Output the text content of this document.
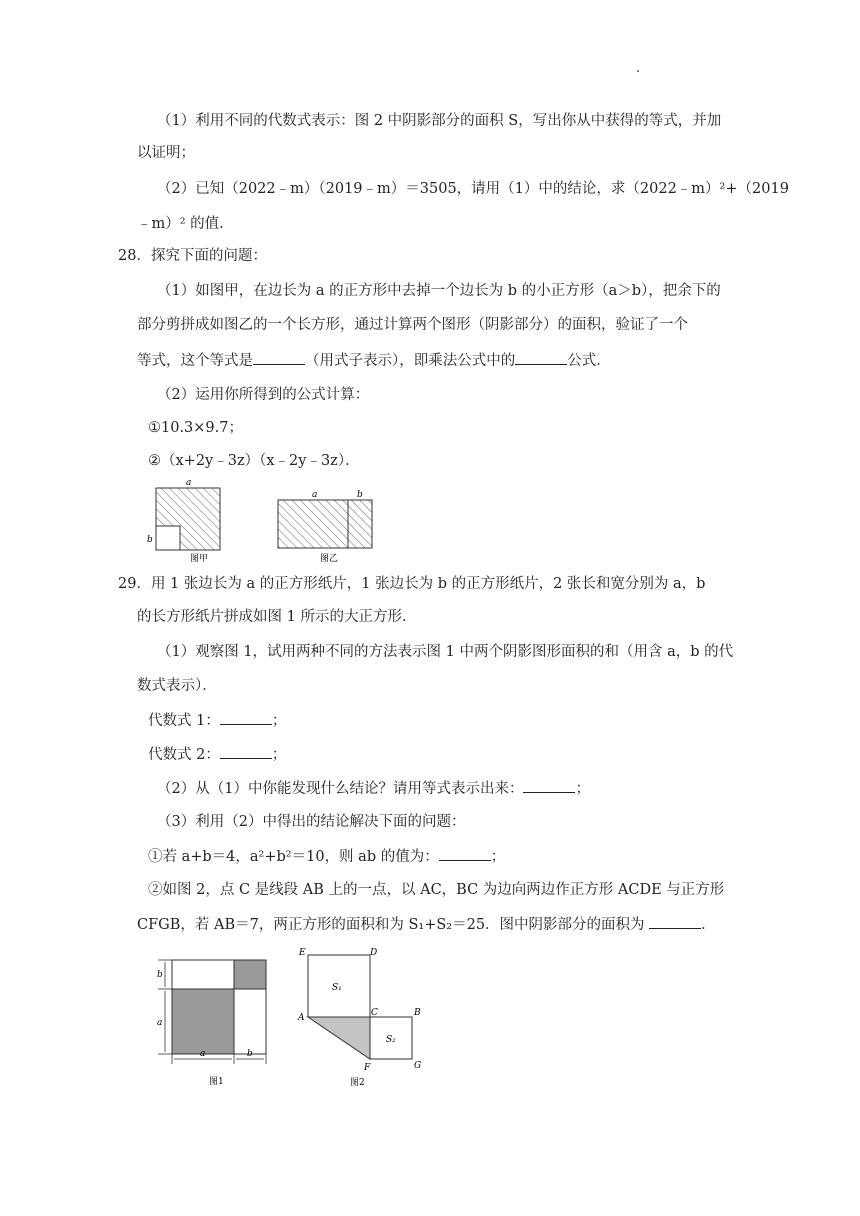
（1）利用不同的代数式表示：图 2 中阴影部分的面积 S，写出你从中获得的等式，并加
以证明；
（2）已知（2022﹣m）（2019﹣m）＝3505，请用（1）中的结论，求（2022﹣m）²+（2019
﹣m）² 的值．
28．探究下面的问题：
（1）如图甲，在边长为 a 的正方形中去掉一个边长为 b 的小正方形（a＞b），把余下的
部分剪拼成如图乙的一个长方形，通过计算两个图形（阴影部分）的面积，验证了一个
等式，这个等式是	（用式子表示），即乘法公式中的	公式．
（2）运用你所得到的公式计算：
①10.3×9.7；
②（x+2y﹣3z）（x﹣2y﹣3z）．
a
b
图甲
a	b
图乙
29．用 1 张边长为 a 的正方形纸片，1 张边长为 b 的正方形纸片，2 张长和宽分别为 a，b
的长方形纸片拼成如图 1 所示的大正方形．
（1）观察图 1，试用两种不同的方法表示图 1 中两个阴影图形面积的和（用含 a，b 的代
数式表示）．
代数式 1：	；
代数式 2：	；
（2）从（1）中你能发现什么结论？请用等式表示出来：	；
（3）利用（2）中得出的结论解决下面的问题：
①若 a+b＝4，a²+b²＝10，则 ab 的值为：	；
②如图 2，点 C 是线段 AB 上的一点，以 AC，BC 为边向两边作正方形 ACDE 与正方形
CFGB，若 AB＝7，两正方形的面积和为 S₁+S₂＝25．图中阴影部分的面积为	．
b
a
a	b
图1
E	D
A	C	B
F	G
S₁
S₂
图2
